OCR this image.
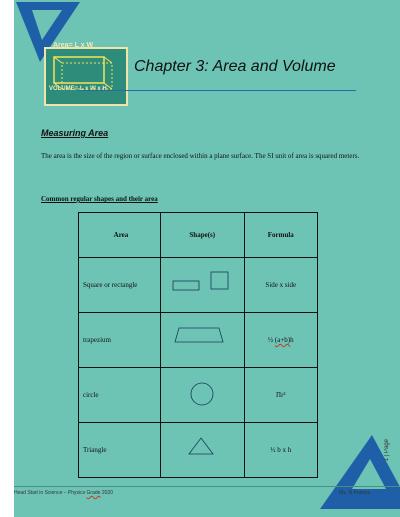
Area= L x W
VOLUME= L x W x H
Chapter 3: Area and Volume
Measuring Area
The area is the size of the region or surface enclosed within a plane surface. The SI unit of area is squared meters.
Common regular shapes and their area
Area	Shape(s)	Formula
Square or rectangle		Side x side
trapezium		½ (a+b)h
circle		Πr²
Triangle		½ b x h	1 | Page
Head Start in Science – Physics Grade 2020	Ms. N Francis
